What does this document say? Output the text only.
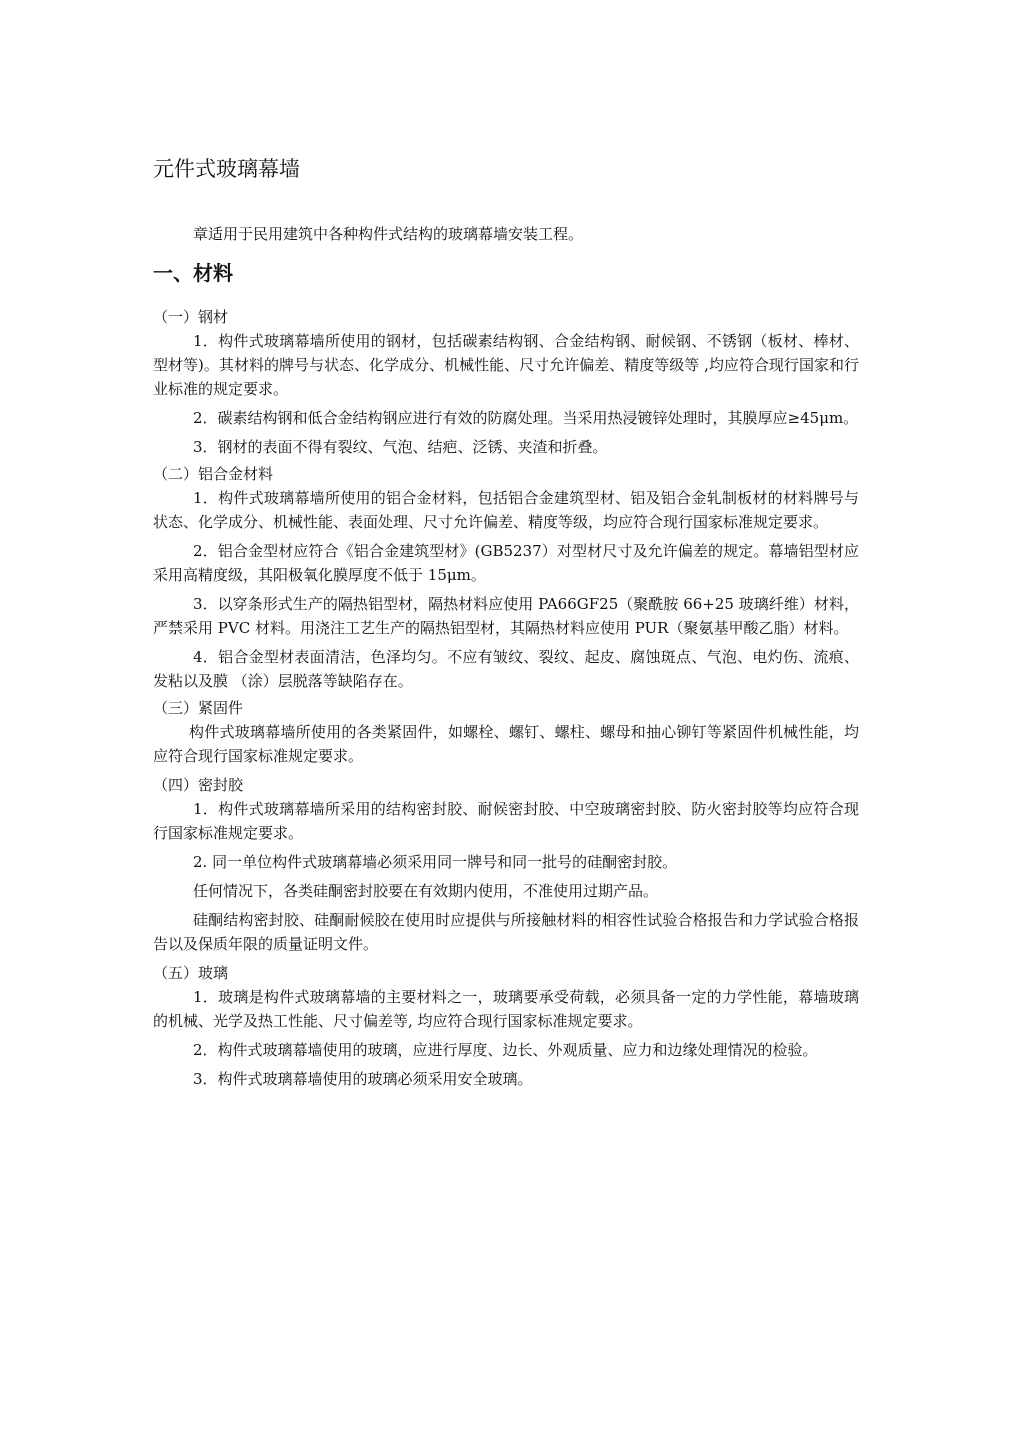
元件式玻璃幕墙
章适用于民用建筑中各种构件式结构的玻璃幕墙安装工程。
一、材料
（一）钢材

1．构件式玻璃幕墙所使用的钢材，包括碳素结构钢、合金结构钢、耐候钢、不锈钢（板材、棒材、型材等)。其材料的牌号与状态、化学成分、机械性能、尺寸允许偏差、精度等级等 ,均应符合现行国家和行业标准的规定要求。

2．碳素结构钢和低合金结构钢应进行有效的防腐处理。当采用热浸镀锌处理时，其膜厚应≥45μm。

3．钢材的表面不得有裂纹、气泡、结疤、泛锈、夹渣和折叠。

（二）铝合金材料

1．构件式玻璃幕墙所使用的铝合金材料，包括铝合金建筑型材、铝及铝合金轧制板材的材料牌号与状态、化学成分、机械性能、表面处理、尺寸允许偏差、精度等级，均应符合现行国家标准规定要求。

2．铝合金型材应符合《铝合金建筑型材》(GB5237）对型材尺寸及允许偏差的规定。幕墙铝型材应采用高精度级，其阳极氧化膜厚度不低于 15μm。

3．以穿条形式生产的隔热铝型材，隔热材料应使用 PA66GF25（聚酰胺 66+25 玻璃纤维）材料，严禁采用 PVC 材料。用浇注工艺生产的隔热铝型材，其隔热材料应使用 PUR（聚氨基甲酸乙脂）材料。

4．铝合金型材表面清洁，色泽均匀。不应有皱纹、裂纹、起皮、腐蚀斑点、气泡、电灼伤、流痕、发粘以及膜 （涂）层脱落等缺陷存在。

（三）紧固件

构件式玻璃幕墙所使用的各类紧固件，如螺栓、螺钉、螺柱、螺母和抽心铆钉等紧固件机械性能，均应符合现行国家标准规定要求。

（四）密封胶

1．构件式玻璃幕墙所采用的结构密封胶、耐候密封胶、中空玻璃密封胶、防火密封胶等均应符合现行国家标准规定要求。

2. 同一单位构件式玻璃幕墙必须采用同一牌号和同一批号的硅酮密封胶。

任何情况下，各类硅酮密封胶要在有效期内使用，不准使用过期产品。

硅酮结构密封胶、硅酮耐候胶在使用时应提供与所接触材料的相容性试验合格报告和力学试验合格报告以及保质年限的质量证明文件。

（五）玻璃

1．玻璃是构件式玻璃幕墙的主要材料之一，玻璃要承受荷载，必须具备一定的力学性能，幕墙玻璃的机械、光学及热工性能、尺寸偏差等, 均应符合现行国家标准规定要求。

2．构件式玻璃幕墙使用的玻璃，应进行厚度、边长、外观质量、应力和边缘处理情况的检验。

3．构件式玻璃幕墙使用的玻璃必须采用安全玻璃。
